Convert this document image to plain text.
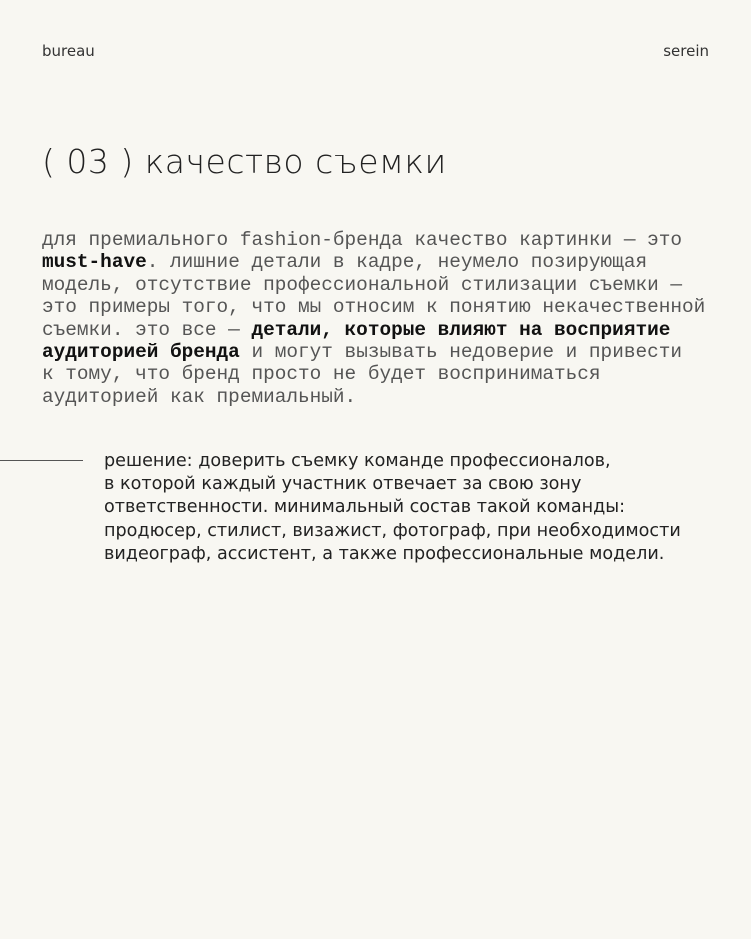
bureau	serein
( 03 ) качество съемки
для премиального fashion-бренда качество картинки — это
must-have. лишние детали в кадре, неумело позирующая
модель, отсутствие профессиональной стилизации съемки —
это примеры того, что мы относим к понятию некачественной
съемки. это все — детали, которые влияют на восприятие
аудиторией бренда и могут вызывать недоверие и привести
к тому, что бренд просто не будет восприниматься
аудиторией как премиальный.
решение: доверить съемку команде профессионалов,
в которой каждый участник отвечает за свою зону
ответственности. минимальный состав такой команды:
продюсер, стилист, визажист, фотограф, при необходимости
видеограф, ассистент, а также профессиональные модели.
